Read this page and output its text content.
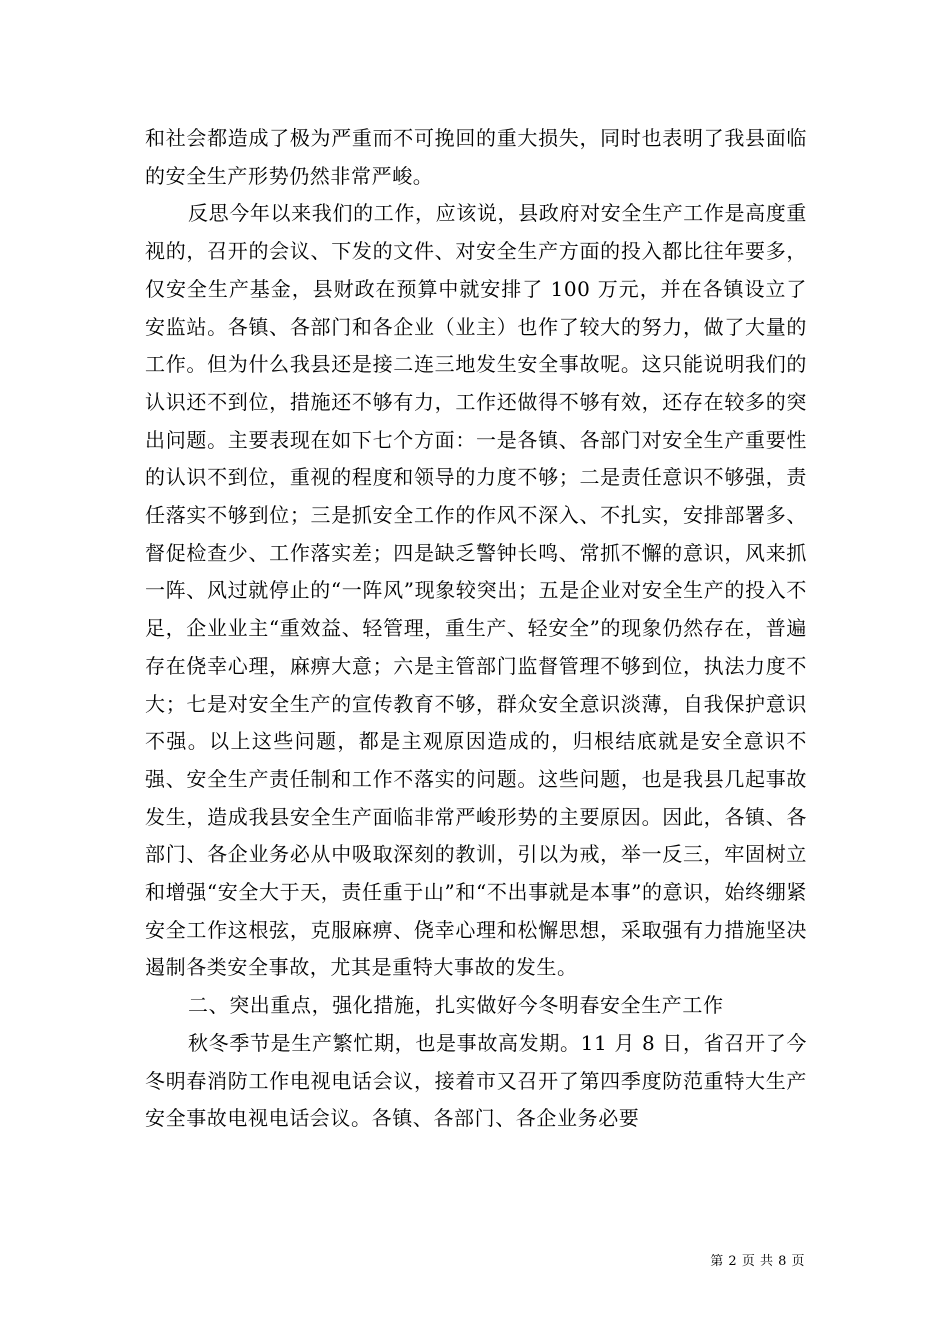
和社会都造成了极为严重而不可挽回的重大损失，同时也表明了我县面临的安全生产形势仍然非常严峻。

反思今年以来我们的工作，应该说，县政府对安全生产工作是高度重视的，召开的会议、下发的文件、对安全生产方面的投入都比往年要多，仅安全生产基金，县财政在预算中就安排了 100 万元，并在各镇设立了安监站。各镇、各部门和各企业（业主）也作了较大的努力，做了大量的工作。但为什么我县还是接二连三地发生安全事故呢。这只能说明我们的认识还不到位，措施还不够有力，工作还做得不够有效，还存在较多的突出问题。主要表现在如下七个方面：一是各镇、各部门对安全生产重要性的认识不到位，重视的程度和领导的力度不够；二是责任意识不够强，责任落实不够到位；三是抓安全工作的作风不深入、不扎实，安排部署多、督促检查少、工作落实差；四是缺乏警钟长鸣、常抓不懈的意识，风来抓一阵、风过就停止的“一阵风”现象较突出；五是企业对安全生产的投入不足，企业业主“重效益、轻管理，重生产、轻安全”的现象仍然存在，普遍存在侥幸心理，麻痹大意；六是主管部门监督管理不够到位，执法力度不大；七是对安全生产的宣传教育不够，群众安全意识淡薄，自我保护意识不强。以上这些问题，都是主观原因造成的，归根结底就是安全意识不强、安全生产责任制和工作不落实的问题。这些问题，也是我县几起事故发生，造成我县安全生产面临非常严峻形势的主要原因。因此，各镇、各部门、各企业务必从中吸取深刻的教训，引以为戒，举一反三，牢固树立和增强“安全大于天，责任重于山”和“不出事就是本事”的意识，始终绷紧安全工作这根弦，克服麻痹、侥幸心理和松懈思想，采取强有力措施坚决遏制各类安全事故，尤其是重特大事故的发生。

二、突出重点，强化措施，扎实做好今冬明春安全生产工作

秋冬季节是生产繁忙期，也是事故高发期。11 月 8 日，省召开了今冬明春消防工作电视电话会议，接着市又召开了第四季度防范重特大生产安全事故电视电话会议。各镇、各部门、各企业务必要

第 2 页 共 8 页
